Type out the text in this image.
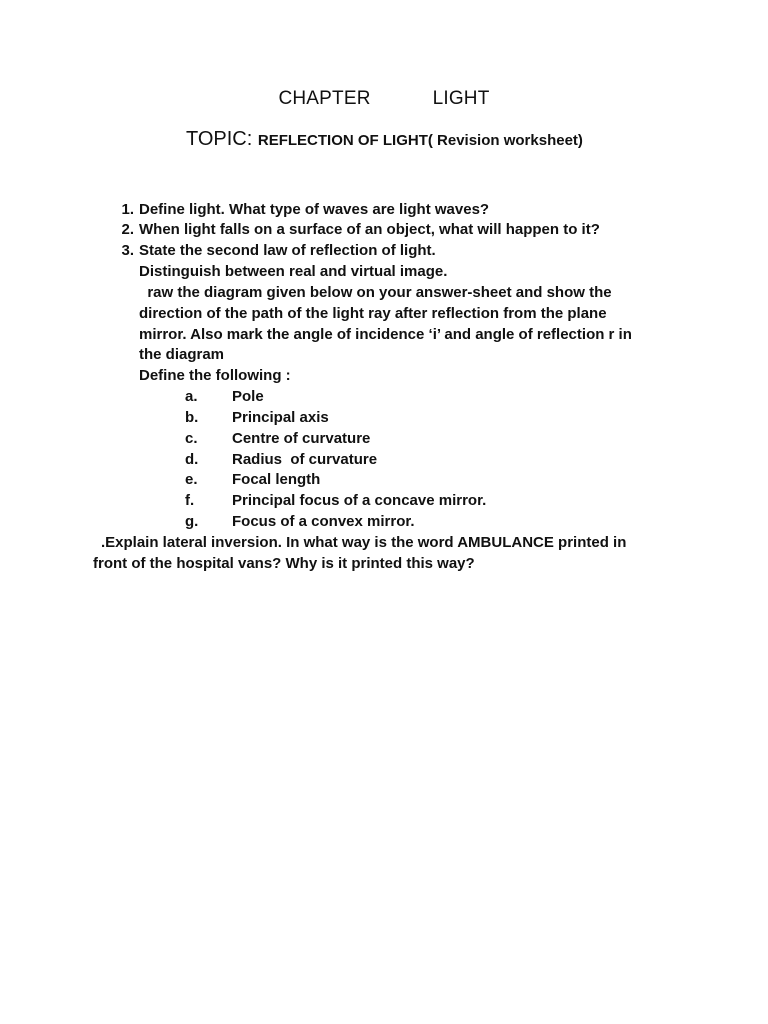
CHAPTER    LIGHT
TOPIC: REFLECTION OF LIGHT( Revision worksheet)
1. Define light. What type of waves are light waves?
2. When light falls on a surface of an object, what will happen to it?
3. State the second law of reflection of light.
Distinguish between real and virtual image.
raw the diagram given below on your answer-sheet and show the
direction of the path of the light ray after reflection from the plane
mirror. Also mark the angle of incidence ‘i’ and angle of reflection r in
the diagram
Define the following :
a.	Pole
b.	Principal axis
c.	Centre of curvature
d.	Radius  of curvature
e.	Focal length
f.	Principal focus of a concave mirror.
g.	Focus of a convex mirror.
.Explain lateral inversion. In what way is the word AMBULANCE printed in
front of the hospital vans? Why is it printed this way?
